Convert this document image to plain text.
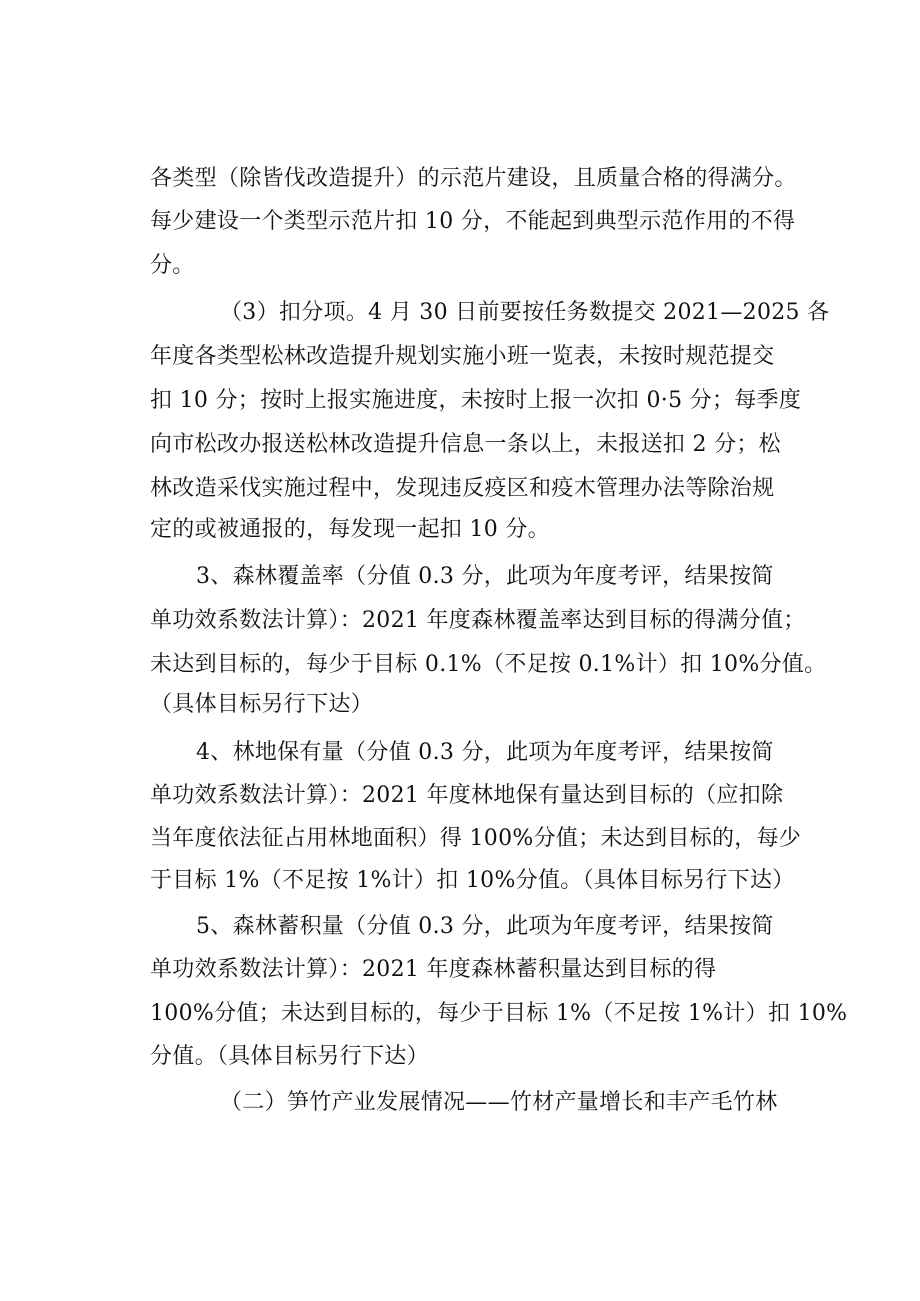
各类型（除皆伐改造提升）的示范片建设，且质量合格的得满分。
每少建设一个类型示范片扣 10 分，不能起到典型示范作用的不得
分。
（3）扣分项。4 月 30 日前要按任务数提交 2021—2025 各
年度各类型松林改造提升规划实施小班一览表，未按时规范提交
扣 10 分；按时上报实施进度，未按时上报一次扣 0·5 分；每季度
向市松改办报送松林改造提升信息一条以上，未报送扣 2 分；松
林改造采伐实施过程中，发现违反疫区和疫木管理办法等除治规
定的或被通报的，每发现一起扣 10 分。
3、森林覆盖率（分值 0.3 分，此项为年度考评，结果按简
单功效系数法计算）：2021 年度森林覆盖率达到目标的得满分值；
未达到目标的，每少于目标 0.1%（不足按 0.1%计）扣 10%分值。
（具体目标另行下达）
4、林地保有量（分值 0.3 分，此项为年度考评，结果按简
单功效系数法计算）：2021 年度林地保有量达到目标的（应扣除
当年度依法征占用林地面积）得 100%分值；未达到目标的，每少
于目标 1%（不足按 1%计）扣 10%分值。（具体目标另行下达）
5、森林蓄积量（分值 0.3 分，此项为年度考评，结果按简
单功效系数法计算）：2021 年度森林蓄积量达到目标的得
100%分值；未达到目标的，每少于目标 1%（不足按 1%计）扣 10%
分值。（具体目标另行下达）
（二）笋竹产业发展情况——竹材产量增长和丰产毛竹林
